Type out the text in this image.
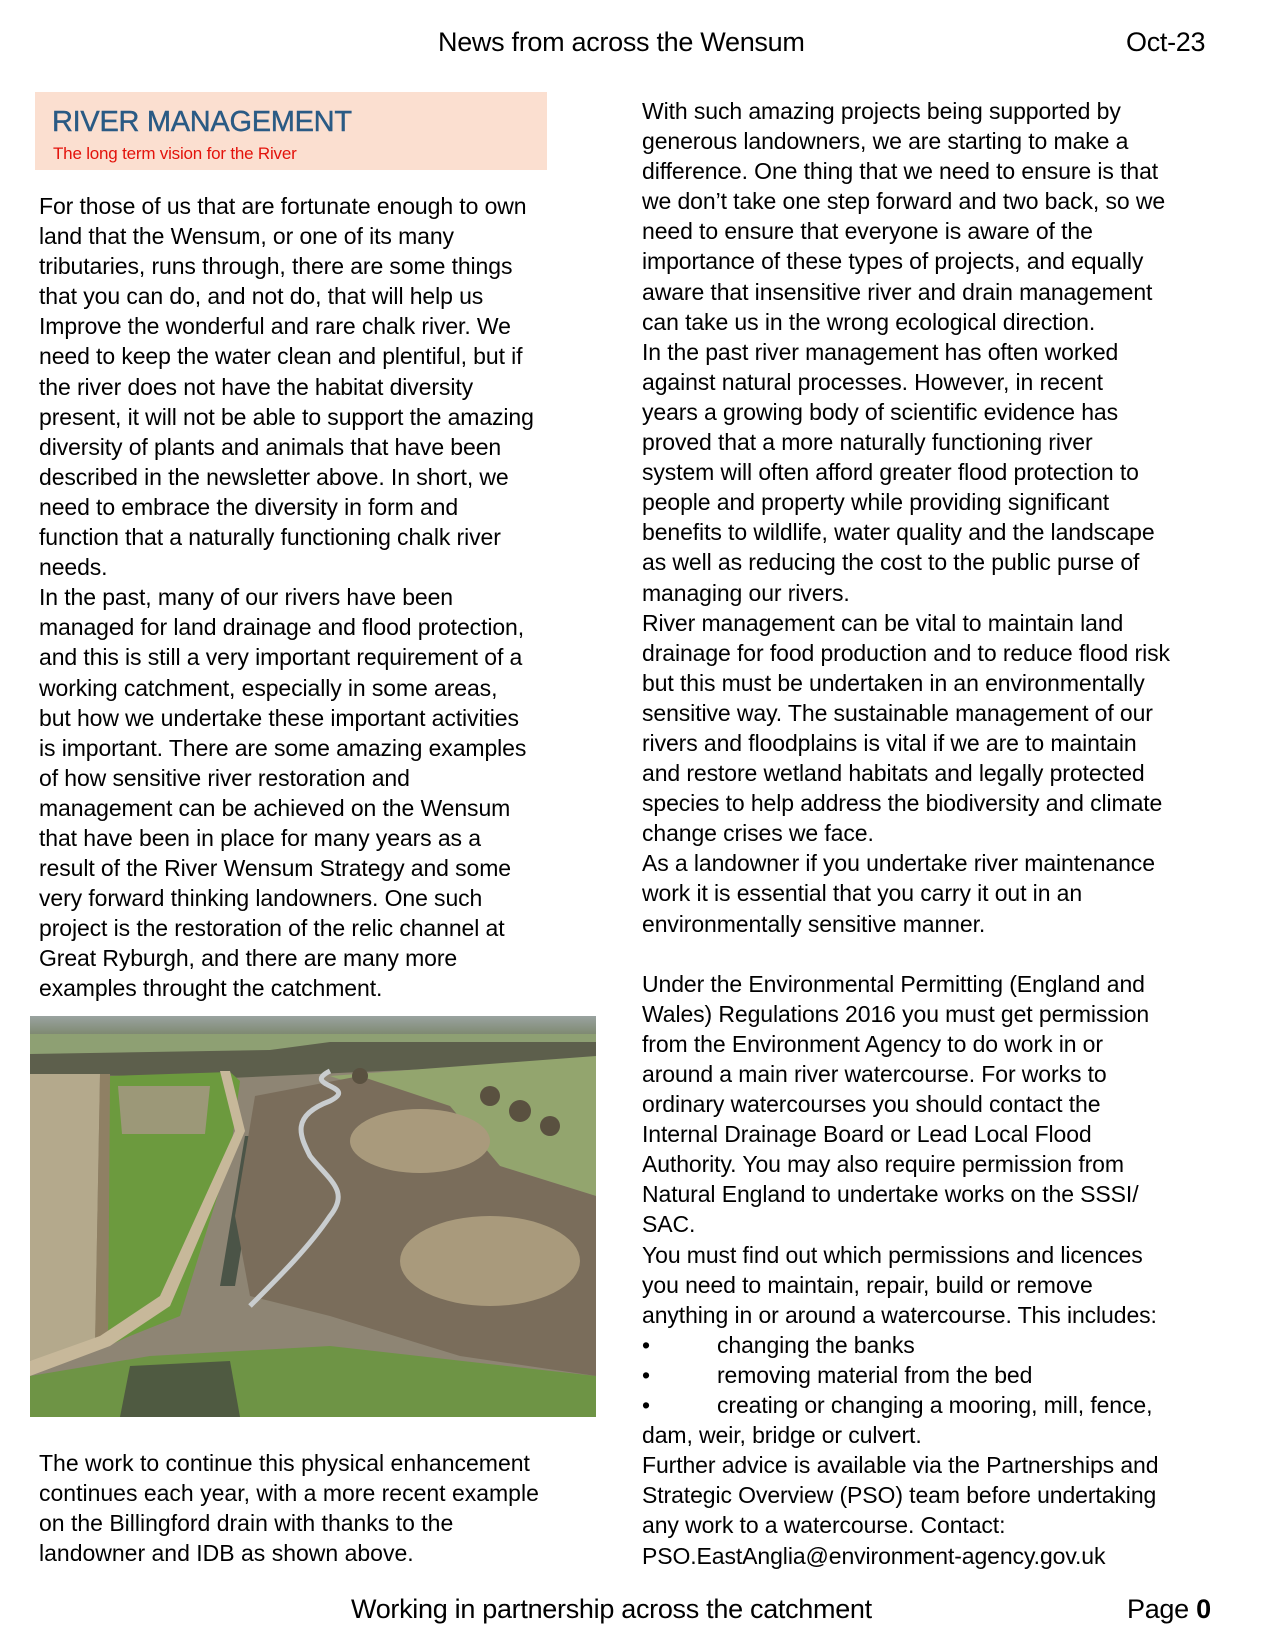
News from across the Wensum	Oct-23
RIVER MANAGEMENT
The long term vision for the River
For those of us that are fortunate enough to own
land that the Wensum, or one of its many
tributaries, runs through, there are some things
that you can do, and not do, that will help us
Improve the wonderful and rare chalk river. We
need to keep the water clean and plentiful, but if
the river does not have the habitat diversity
present, it will not be able to support the amazing
diversity of plants and animals that have been
described in the newsletter above. In short, we
need to embrace the diversity in form and
function that a naturally functioning chalk river
needs.
In the past, many of our rivers have been
managed for land drainage and flood protection,
and this is still a very important requirement of a
working catchment, especially in some areas,
but how we undertake these important activities
is important. There are some amazing examples
of how sensitive river restoration and
management can be achieved on the Wensum
that have been in place for many years as a
result of the River Wensum Strategy and some
very forward thinking landowners. One such
project is the restoration of the relic channel at
Great Ryburgh, and there are many more
examples throught the catchment.
The work to continue this physical enhancement
continues each year, with a more recent example
on the Billingford drain with thanks to the
landowner and IDB as shown above.
With such amazing projects being supported by
generous landowners, we are starting to make a
difference. One thing that we need to ensure is that
we don’t take one step forward and two back, so we
need to ensure that everyone is aware of the
importance of these types of projects, and equally
aware that insensitive river and drain management
can take us in the wrong ecological direction.
In the past river management has often worked
against natural processes. However, in recent
years a growing body of scientific evidence has
proved that a more naturally functioning river
system will often afford greater flood protection to
people and property while providing significant
benefits to wildlife, water quality and the landscape
as well as reducing the cost to the public purse of
managing our rivers.
River management can be vital to maintain land
drainage for food production and to reduce flood risk
but this must be undertaken in an environmentally
sensitive way. The sustainable management of our
rivers and floodplains is vital if we are to maintain
and restore wetland habitats and legally protected
species to help address the biodiversity and climate
change crises we face.
As a landowner if you undertake river maintenance
work it is essential that you carry it out in an
environmentally sensitive manner.
Under the Environmental Permitting (England and
Wales) Regulations 2016 you must get permission
from the Environment Agency to do work in or
around a main river watercourse. For works to
ordinary watercourses you should contact the
Internal Drainage Board or Lead Local Flood
Authority. You may also require permission from
Natural England to undertake works on the SSSI/
SAC.
You must find out which permissions and licences
you need to maintain, repair, build or remove
anything in or around a watercourse. This includes:
•	changing the banks
•	removing material from the bed
•	creating or changing a mooring, mill, fence,
dam, weir, bridge or culvert.
Further advice is available via the Partnerships and
Strategic Overview (PSO) team before undertaking
any work to a watercourse. Contact:
PSO.EastAnglia@environment-agency.gov.uk
Working in partnership across the catchment	Page 0
